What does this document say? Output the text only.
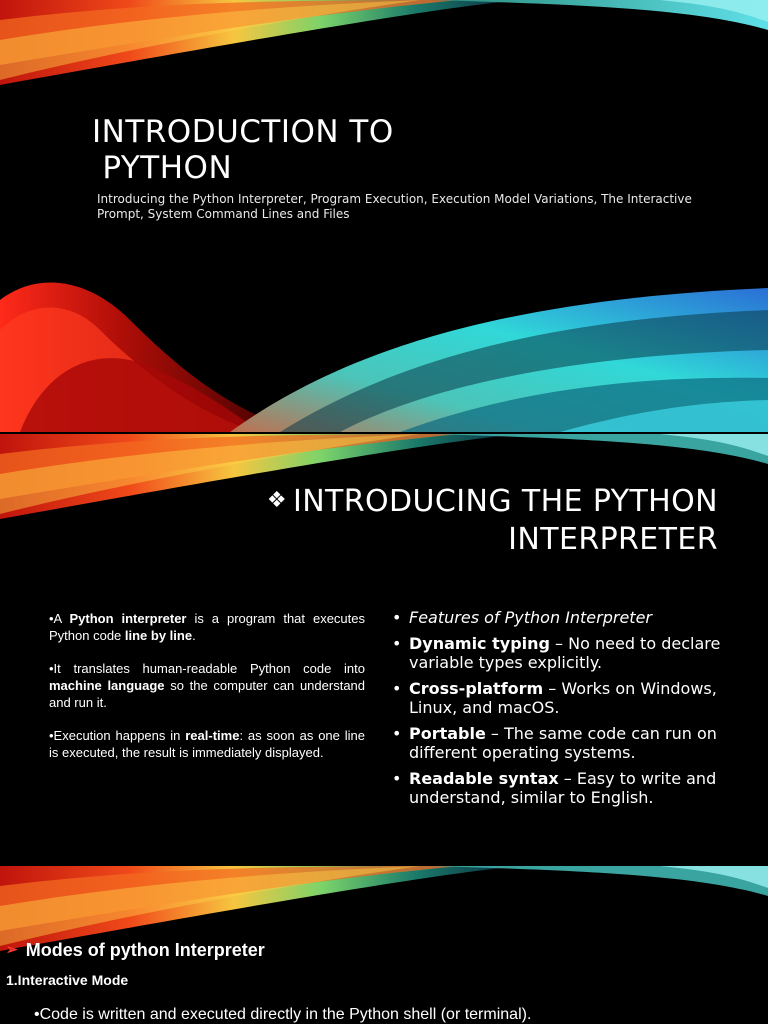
INTRODUCTION TO
PYTHON
Introducing the Python Interpreter, Program Execution, Execution Model Variations, The Interactive Prompt, System Command Lines and Files
❖ INTRODUCING THE PYTHON
INTERPRETER

•A Python interpreter is a program that executes Python code line by line.

•It translates human-readable Python code into machine language so the computer can understand and run it.

•Execution happens in real-time: as soon as one line is executed, the result is immediately displayed.

• Features of Python Interpreter
• Dynamic typing – No need to declare variable types explicitly.
• Cross-platform – Works on Windows, Linux, and macOS.
• Portable – The same code can run on different operating systems.
• Readable syntax – Easy to write and understand, similar to English.
➢ Modes of python Interpreter
1.Interactive Mode
•Code is written and executed directly in the Python shell (or terminal).
